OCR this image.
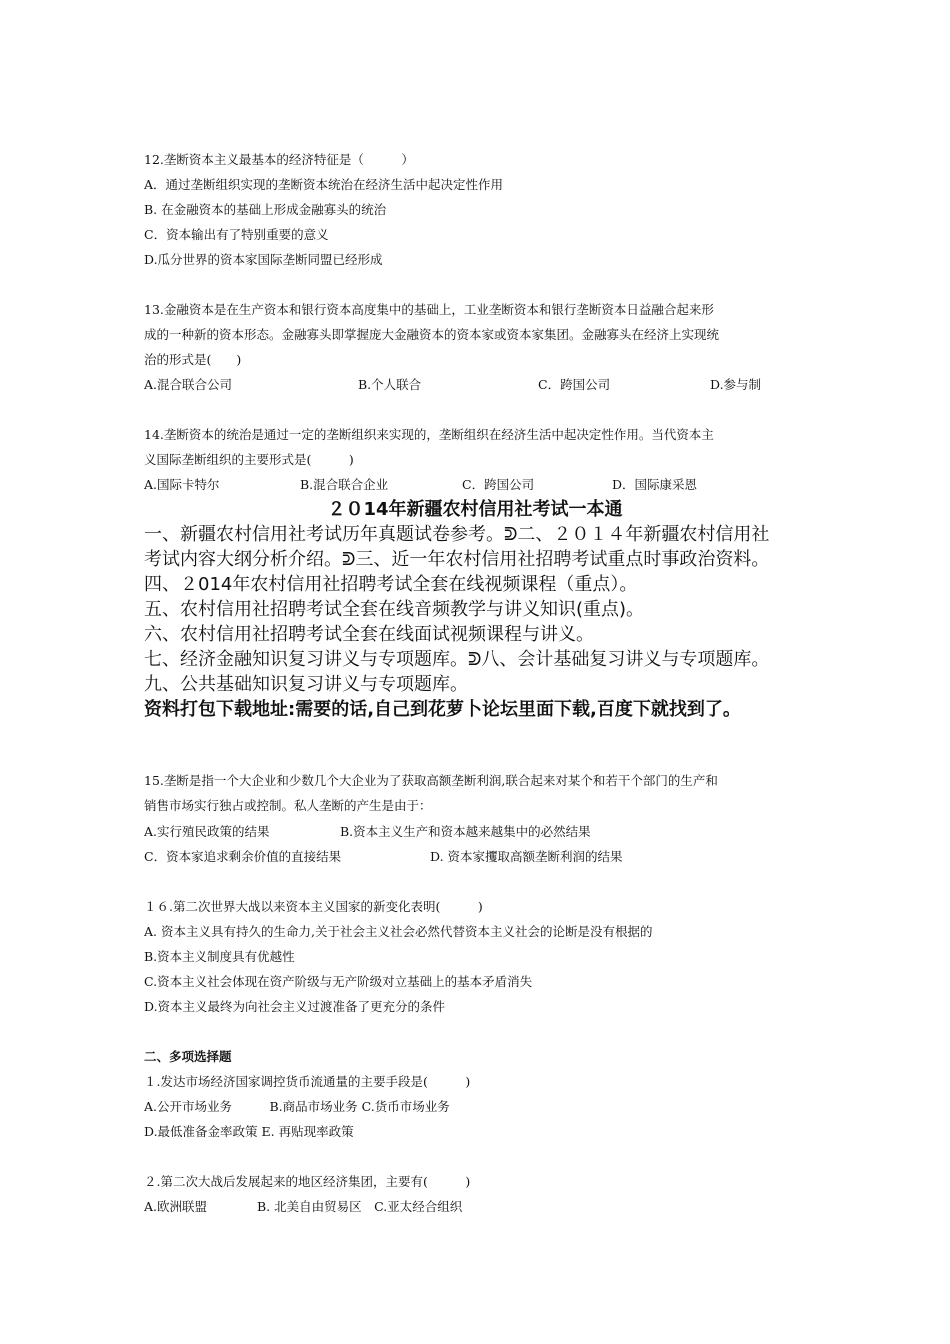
12.垄断资本主义最基本的经济特征是（　　　）
A．通过垄断组织实现的垄断资本统治在经济生活中起决定性作用
B. 在金融资本的基础上形成金融寡头的统治
C．资本输出有了特别重要的意义
D.瓜分世界的资本家国际垄断同盟已经形成
13.金融资本是在生产资本和银行资本高度集中的基础上，工业垄断资本和银行垄断资本日益融合起来形
成的一种新的资本形态。金融寡头即掌握庞大金融资本的资本家或资本家集团。金融寡头在经济上实现统
治的形式是(　　)
A.混合联合公司	B.个人联合	C．跨国公司	D.参与制
14.垄断资本的统治是通过一定的垄断组织来实现的，垄断组织在经济生活中起决定性作用。当代资本主
义国际垄断组织的主要形式是(　　　)
A.国际卡特尔	B.混合联合企业	C．跨国公司	D．国际康采恩
２０14年新疆农村信用社考试一本通
一、新疆农村信用社考试历年真题试卷参考。ᕲ二、２０１４年新疆农村信用社
考试内容大纲分析介绍。ᕲ三、近一年农村信用社招聘考试重点时事政治资料。
四、２014年农村信用社招聘考试全套在线视频课程（重点）。
五、农村信用社招聘考试全套在线音频教学与讲义知识(重点)。
六、农村信用社招聘考试全套在线面试视频课程与讲义。
七、经济金融知识复习讲义与专项题库。ᕲ八、会计基础复习讲义与专项题库。
九、公共基础知识复习讲义与专项题库。
资料打包下载地址:需要的话,自己到花萝卜论坛里面下载,百度下就找到了。
15.垄断是指一个大企业和少数几个大企业为了获取高额垄断利润,联合起来对某个和若干个部门的生产和
销售市场实行独占或控制。私人垄断的产生是由于：
A.实行殖民政策的结果	B.资本主义生产和资本越来越集中的必然结果
C．资本家追求剩余价值的直接结果	D. 资本家攫取高额垄断利润的结果
１６.第二次世界大战以来资本主义国家的新变化表明(　　　)
A. 资本主义具有持久的生命力,关于社会主义社会必然代替资本主义社会的论断是没有根据的
B.资本主义制度具有优越性
C.资本主义社会体现在资产阶级与无产阶级对立基础上的基本矛盾消失
D.资本主义最终为向社会主义过渡准备了更充分的条件
二、多项选择题
１.发达市场经济国家调控货币流通量的主要手段是(　　　)
A.公开市场业务　　　B.商品市场业务 C.货币市场业务
D.最低准备金率政策 E. 再贴现率政策
２.第二次大战后发展起来的地区经济集团，主要有(　　　)
A.欧洲联盟　　　　B. 北美自由贸易区　C.亚太经合组织
